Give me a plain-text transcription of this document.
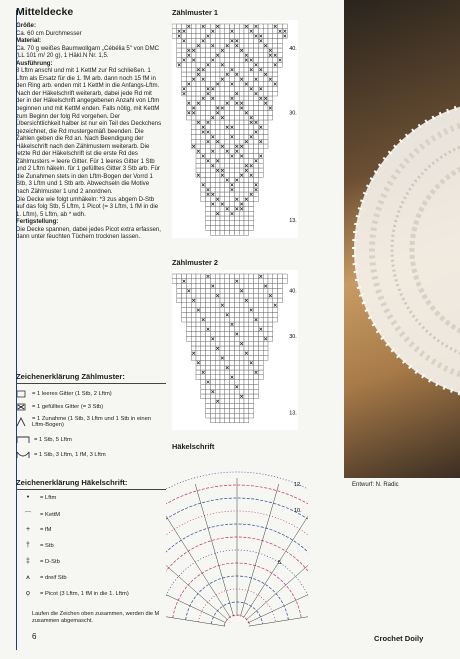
Mitteldecke

Größe:

Ca. 60 cm Durchmesser

Material:

Ca. 70 g weißes Baumwollgarn „Cébélia 5" von DMC (LL 101 m/ 20 g), 1 Häkl.N Nr. 1,5.

Ausführung:

8 Lftm anschl und mit 1 KettM zur Rd schließen. 1 Lftm als Ersatz für die 1. fM arb. dann noch 15 fM in den Ring arb. enden mit 1 KettM in die Anfangs-Lftm. Nach der Häkelschrift weiterarb, dabei jede Rd mit der in der Häkelschrift angegebenen Anzahl von Lftm beginnen und mit KettM enden. Falls nötig, mit KettM zum Beginn der folg Rd vorgehen. Der Übersichtlichkeit halber ist nur ein Teil des Deckchens gezeichnet, die Rd mustergemäß beenden. Die Zahlen geben die Rd an. Nach Beendigung der Häkelschrift nach den Zählmustern weiterarb. Die letzte Rd der Häkelschrift ist die erste Rd des Zählmusters = leere Gitter. Für 1 leeres Gitter 1 Stb und 2 Lftm häkeln. für 1 gefülltes Gitter 3 Stb arb. Für die Zunahmen stets in den Lftm-Bogen der Vorrd 1 Stb, 3 Lftm und 1 Stb arb. Abwechseln die Motive nach Zählmuster 1 und 2 anordnen.

Die Decke wie folgt umhäkeln: *3 zus abgem D-Stb auf das folg Stb, 5 Lftm, 1 Picot (= 3 Lftm, 1 fM in die 1. Lftm), 5 Lftm, ab * wdh.

Fertigstellung:

Die Decke spannen, dabei jedes Picot extra erfassen, dann unter feuchten Tüchern trocknen lassen.

Zeichenerklärung Zählmuster:
= 1 leeres Gitter (1 Stb, 2 Lftm)
= 1 gefülltes Gitter (= 3 Stb)
= 1 Zunahme (1 Stb, 3 Lftm und 1 Stb in einen Lftm-Bogen)
= 1 Stb, 5 Lftm
= 1 Stb, 3 Lftm, 1 fM, 3 Lftm
Zeichenerklärung Häkelschrift:
•	= Lftm
⌒	= KettM
+	= fM
†	= Stb
‡	= D-Stb
⩚	= dreif Stb
ọ	= Picot (3 Lftm, 1 fM in die 1. Lftm)
Laufen die Zeichen oben zusammen, werden die M zusammen abgemascht.
Zählmuster 1
40.
30.
13.
Zählmuster 2
40.
30.
13.
Häkelschrift
12.
10.
5.
Entwurf: N. Radic
6	Crochet Doily
